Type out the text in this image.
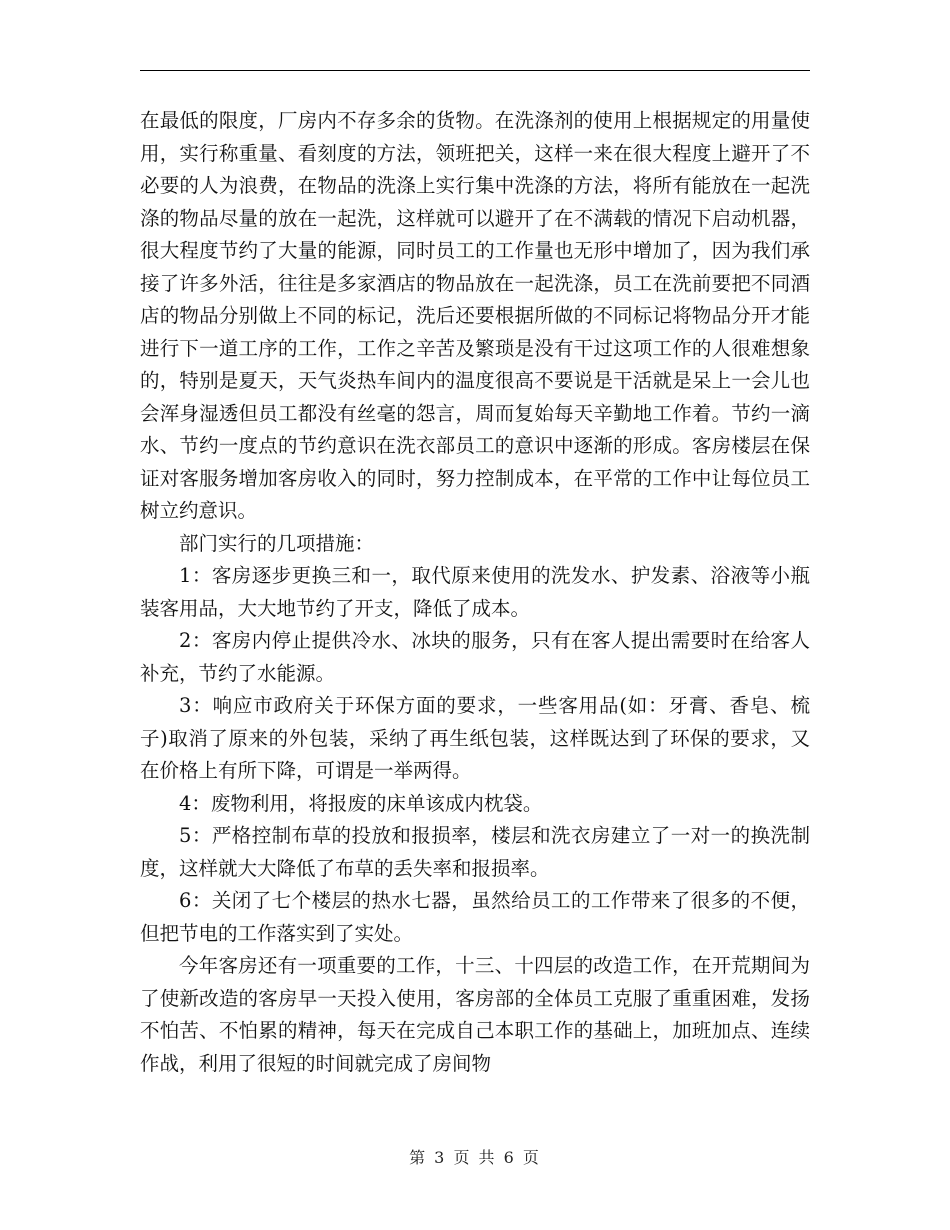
在最低的限度，厂房内不存多余的货物。在洗涤剂的使用上根据规定的用量使用，实行称重量、看刻度的方法，领班把关，这样一来在很大程度上避开了不必要的人为浪费，在物品的洗涤上实行集中洗涤的方法，将所有能放在一起洗涤的物品尽量的放在一起洗，这样就可以避开了在不满载的情况下启动机器，很大程度节约了大量的能源，同时员工的工作量也无形中增加了，因为我们承接了许多外活，往往是多家酒店的物品放在一起洗涤，员工在洗前要把不同酒店的物品分别做上不同的标记，洗后还要根据所做的不同标记将物品分开才能进行下一道工序的工作，工作之辛苦及繁琐是没有干过这项工作的人很难想象的，特别是夏天，天气炎热车间内的温度很高不要说是干活就是呆上一会儿也会浑身湿透但员工都没有丝毫的怨言，周而复始每天辛勤地工作着。节约一滴水、节约一度点的节约意识在洗衣部员工的意识中逐渐的形成。客房楼层在保证对客服务增加客房收入的同时，努力控制成本，在平常的工作中让每位员工树立约意识。

部门实行的几项措施：

1：客房逐步更换三和一，取代原来使用的洗发水、护发素、浴液等小瓶装客用品，大大地节约了开支，降低了成本。

2：客房内停止提供冷水、冰块的服务，只有在客人提出需要时在给客人补充，节约了水能源。

3：响应市政府关于环保方面的要求，一些客用品(如：牙膏、香皂、梳子)取消了原来的外包装，采纳了再生纸包装，这样既达到了环保的要求，又在价格上有所下降，可谓是一举两得。

4：废物利用，将报废的床单该成内枕袋。

5：严格控制布草的投放和报损率，楼层和洗衣房建立了一对一的换洗制度，这样就大大降低了布草的丢失率和报损率。

6：关闭了七个楼层的热水七器，虽然给员工的工作带来了很多的不便，但把节电的工作落实到了实处。

今年客房还有一项重要的工作，十三、十四层的改造工作，在开荒期间为了使新改造的客房早一天投入使用，客房部的全体员工克服了重重困难，发扬不怕苦、不怕累的精神，每天在完成自己本职工作的基础上，加班加点、连续作战，利用了很短的时间就完成了房间物

第 3 页 共 6 页
